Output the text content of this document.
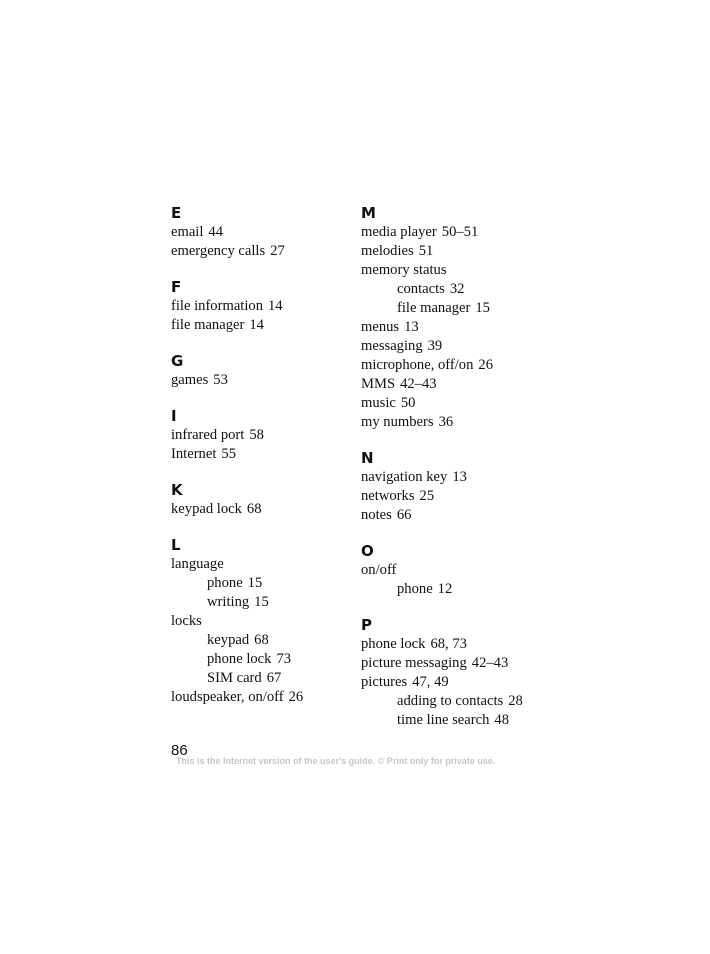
E
email 44
emergency calls 27
F
file information 14
file manager 14
G
games 53
I
infrared port 58
Internet 55
K
keypad lock 68
L
language
phone 15
writing 15
locks
keypad 68
phone lock 73
SIM card 67
loudspeaker, on/off 26
M
media player 50–51
melodies 51
memory status
contacts 32
file manager 15
menus 13
messaging 39
microphone, off/on 26
MMS 42–43
music 50
my numbers 36
N
navigation key 13
networks 25
notes 66
O
on/off
phone 12
P
phone lock 68, 73
picture messaging 42–43
pictures 47, 49
adding to contacts 28
time line search 48
86
This is the Internet version of the user's guide. © Print only for private use.
